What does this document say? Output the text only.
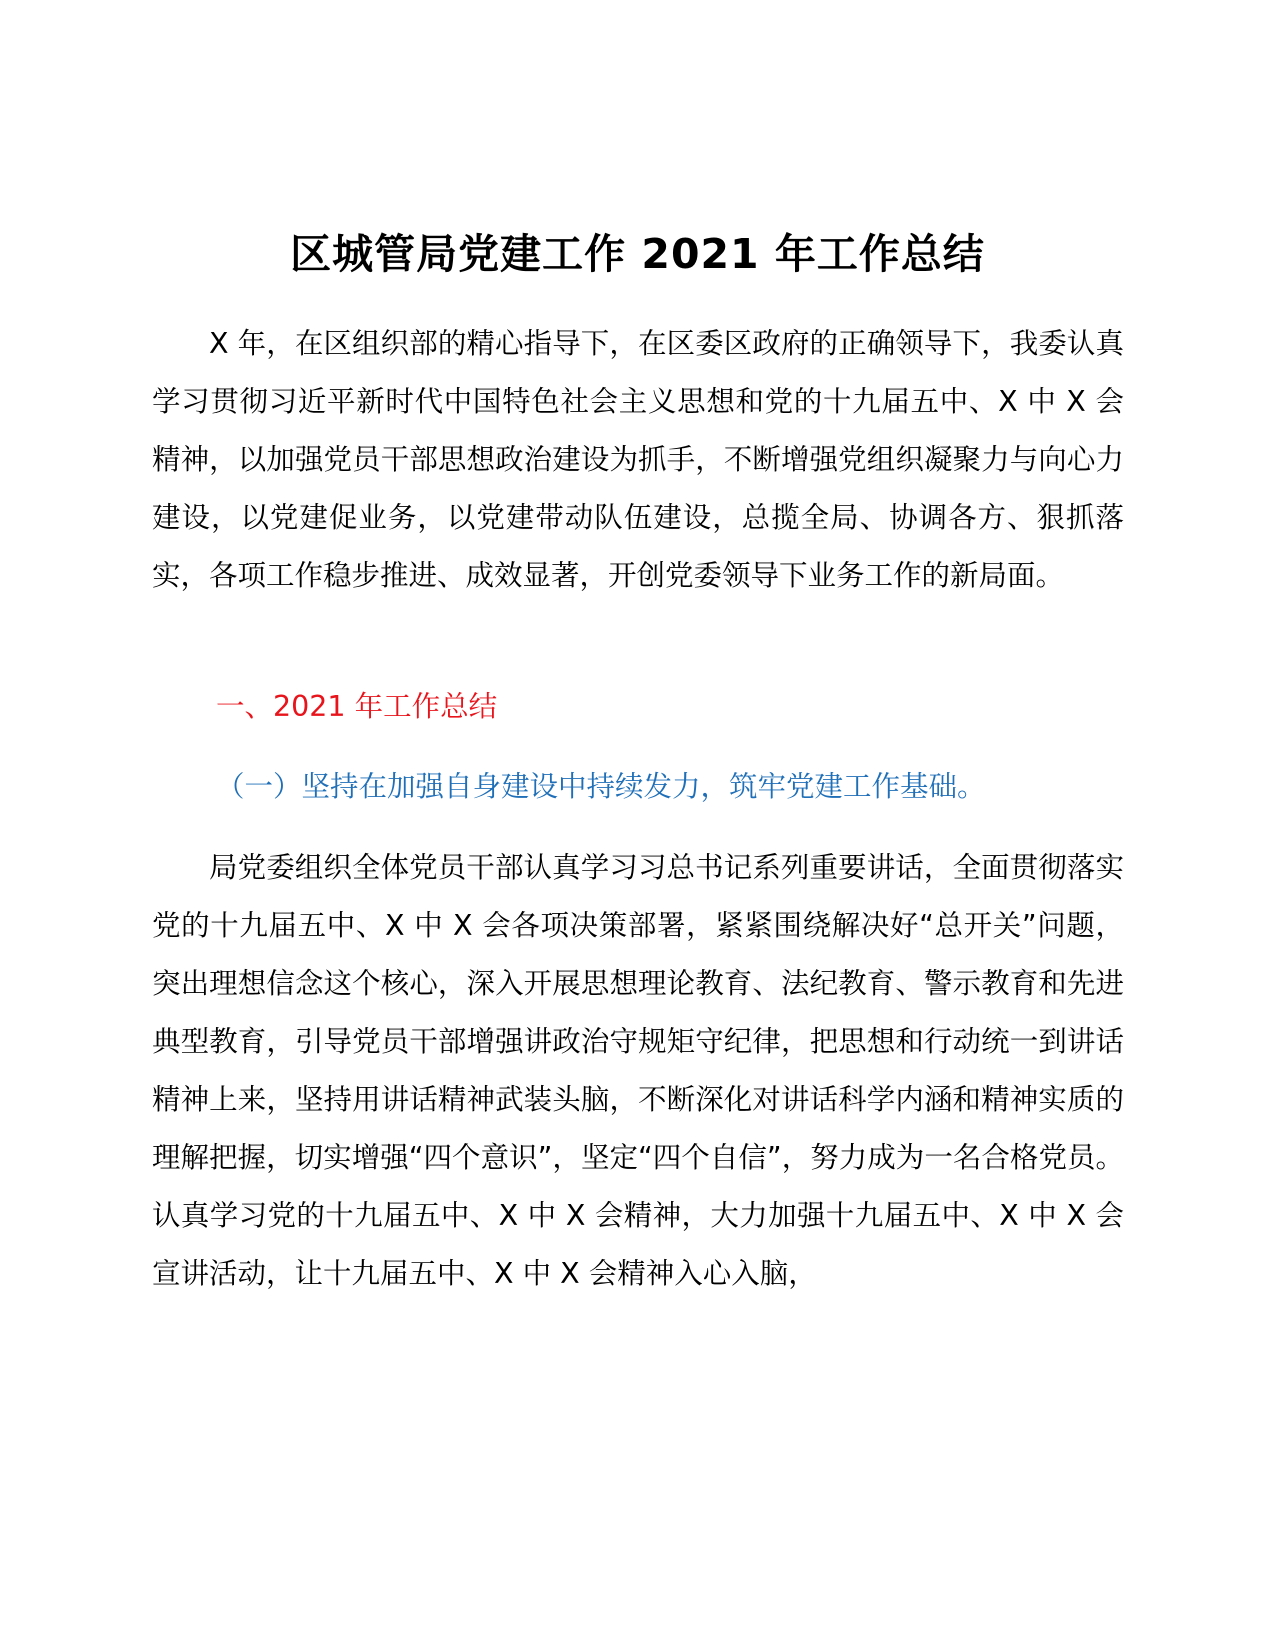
区城管局党建工作 2021 年工作总结

X 年，在区组织部的精心指导下，在区委区政府的正确领导下，我委认真学习贯彻习近平新时代中国特色社会主义思想和党的十九届五中、X 中 X 会精神，以加强党员干部思想政治建设为抓手，不断增强党组织凝聚力与向心力建设，以党建促业务，以党建带动队伍建设，总揽全局、协调各方、狠抓落实，各项工作稳步推进、成效显著，开创党委领导下业务工作的新局面。

一、2021 年工作总结

（一）坚持在加强自身建设中持续发力，筑牢党建工作基础。

局党委组织全体党员干部认真学习习总书记系列重要讲话，全面贯彻落实党的十九届五中、X 中 X 会各项决策部署，紧紧围绕解决好“总开关”问题，突出理想信念这个核心，深入开展思想理论教育、法纪教育、警示教育和先进典型教育，引导党员干部增强讲政治守规矩守纪律，把思想和行动统一到讲话精神上来，坚持用讲话精神武装头脑，不断深化对讲话科学内涵和精神实质的理解把握，切实增强“四个意识”，坚定“四个自信”，努力成为一名合格党员。认真学习党的十九届五中、X 中 X 会精神，大力加强十九届五中、X 中 X 会宣讲活动，让十九届五中、X 中 X 会精神入心入脑，
